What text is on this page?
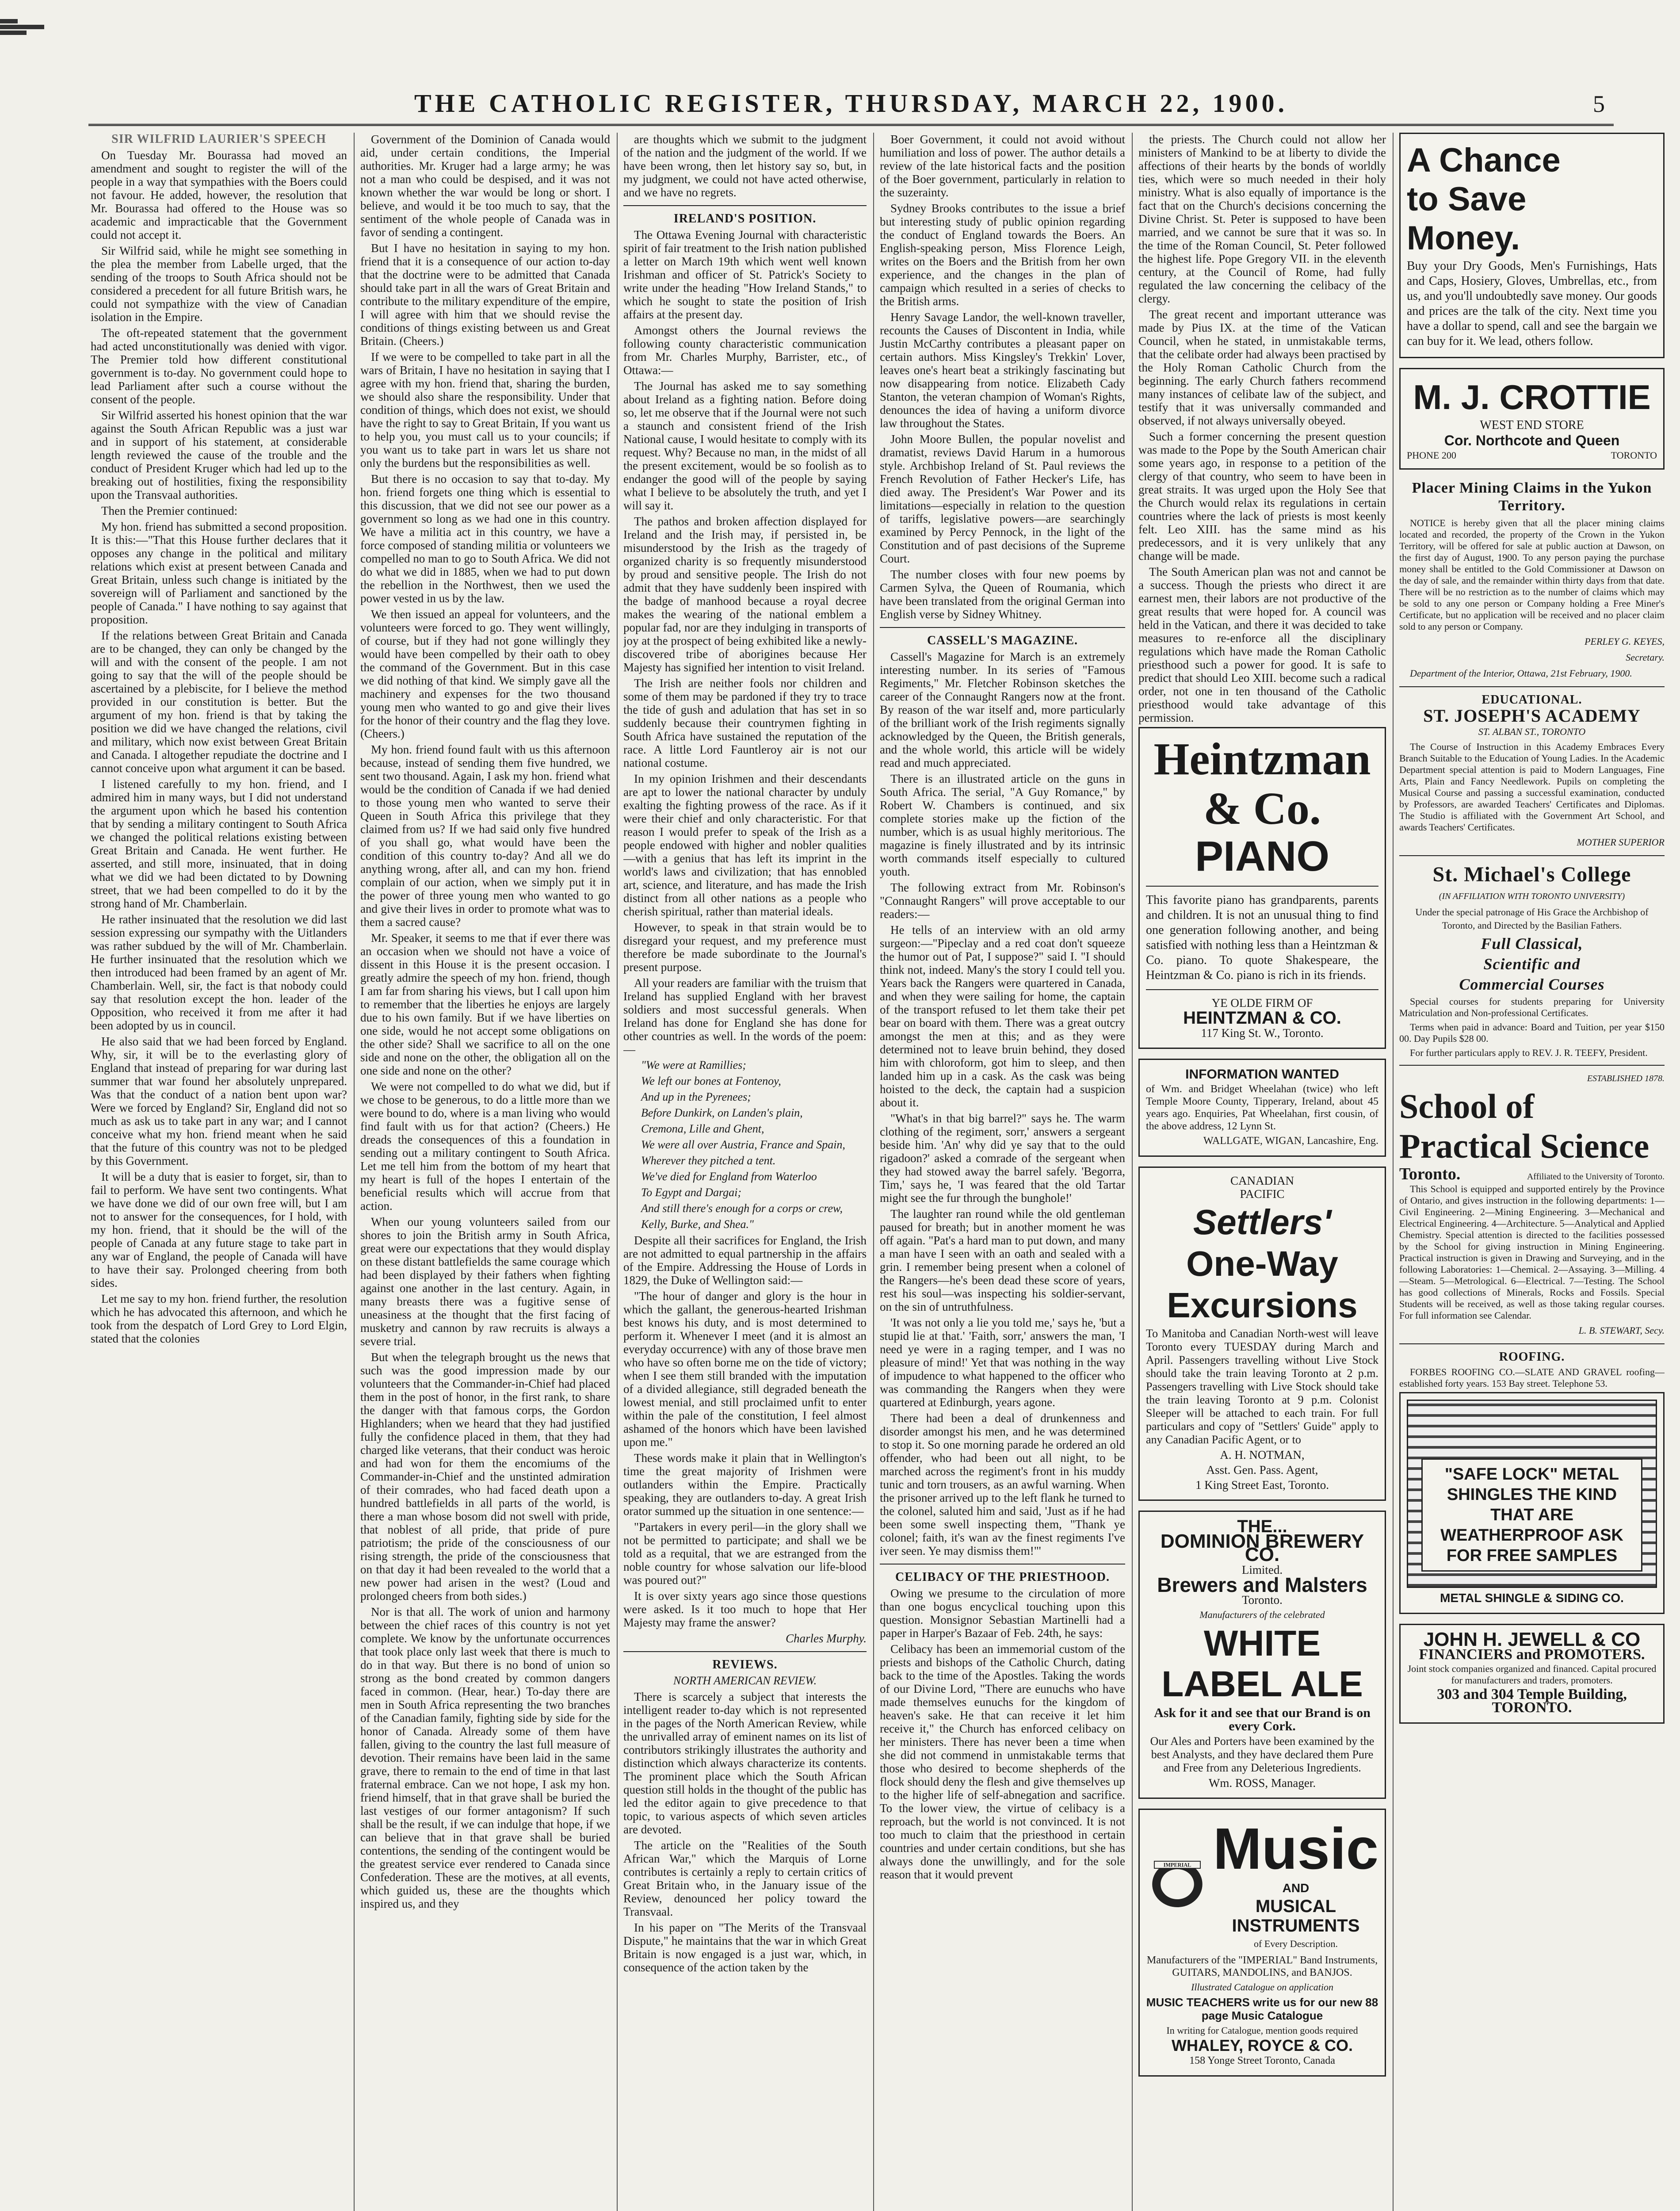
THE CATHOLIC REGISTER, THURSDAY, MARCH 22, 1900.	5

SIR WILFRID LAURIER'S SPEECH

On Tuesday Mr. Bourassa had moved an amendment and sought to register the will of the people in a way that sympathies with the Boers could not favour. He added, however, the resolution that Mr. Bourassa had offered to the House was so academic and impracticable that the Government could not accept it.

Sir Wilfrid said, while he might see something in the plea the member from Labelle urged, that the sending of the troops to South Africa should not be considered a precedent for all future British wars, he could not sympathize with the view of Canadian isolation in the Empire.

The oft-repeated statement that the government had acted unconstitutionally was denied with vigor. The Premier told how different constitutional government is to-day. No government could hope to lead Parliament after such a course without the consent of the people.

Sir Wilfrid asserted his honest opinion that the war against the South African Republic was a just war and in support of his statement, at considerable length reviewed the cause of the trouble and the conduct of President Kruger which had led up to the breaking out of hostilities, fixing the responsibility upon the Transvaal authorities.

Then the Premier continued:

My hon. friend has submitted a second proposition. It is this:—"That this House further declares that it opposes any change in the political and military relations which exist at present between Canada and Great Britain, unless such change is initiated by the sovereign will of Parliament and sanctioned by the people of Canada." I have nothing to say against that proposition.

If the relations between Great Britain and Canada are to be changed, they can only be changed by the will and with the consent of the people. I am not going to say that the will of the people should be ascertained by a plebiscite, for I believe the method provided in our constitution is better. But the argument of my hon. friend is that by taking the position we did we have changed the relations, civil and military, which now exist between Great Britain and Canada. I altogether repudiate the doctrine and I cannot conceive upon what argument it can be based.

I listened carefully to my hon. friend, and I admired him in many ways, but I did not understand the argument upon which he based his contention that by sending a military contingent to South Africa we changed the political relations existing between Great Britain and Canada. He went further. He asserted, and still more, insinuated, that in doing what we did we had been dictated to by Downing street, that we had been compelled to do it by the strong hand of Mr. Chamberlain.

He rather insinuated that the resolution we did last session expressing our sympathy with the Uitlanders was rather subdued by the will of Mr. Chamberlain. He further insinuated that the resolution which we then introduced had been framed by an agent of Mr. Chamberlain. Well, sir, the fact is that nobody could say that resolution except the hon. leader of the Opposition, who received it from me after it had been adopted by us in council.

He also said that we had been forced by England. Why, sir, it will be to the everlasting glory of England that instead of preparing for war during last summer that war found her absolutely unprepared. Was that the conduct of a nation bent upon war? Were we forced by England? Sir, England did not so much as ask us to take part in any war; and I cannot conceive what my hon. friend meant when he said that the future of this country was not to be pledged by this Government.

It will be a duty that is easier to forget, sir, than to fail to perform. We have sent two contingents. What we have done we did of our own free will, but I am not to answer for the consequences, for I hold, with my hon. friend, that it should be the will of the people of Canada at any future stage to take part in any war of England, the people of Canada will have to have their say. Prolonged cheering from both sides.

Let me say to my hon. friend further, the resolution which he has advocated this afternoon, and which he took from the despatch of Lord Grey to Lord Elgin, stated that the colonies

Government of the Dominion of Canada would aid, under certain conditions, the Imperial authorities. Mr. Kruger had a large army; he was not a man who could be despised, and it was not known whether the war would be long or short. I believe, and would it be too much to say, that the sentiment of the whole people of Canada was in favor of sending a contingent.

But I have no hesitation in saying to my hon. friend that it is a consequence of our action to-day that the doctrine were to be admitted that Canada should take part in all the wars of Great Britain and contribute to the military expenditure of the empire, I will agree with him that we should revise the conditions of things existing between us and Great Britain. (Cheers.)

If we were to be compelled to take part in all the wars of Britain, I have no hesitation in saying that I agree with my hon. friend that, sharing the burden, we should also share the responsibility. Under that condition of things, which does not exist, we should have the right to say to Great Britain, If you want us to help you, you must call us to your councils; if you want us to take part in wars let us share not only the burdens but the responsibilities as well.

But there is no occasion to say that to-day. My hon. friend forgets one thing which is essential to this discussion, that we did not see our power as a government so long as we had one in this country. We have a militia act in this country, we have a force composed of standing militia or volunteers we compelled no man to go to South Africa. We did not do what we did in 1885, when we had to put down the rebellion in the Northwest, then we used the power vested in us by the law.

We then issued an appeal for volunteers, and the volunteers were forced to go. They went willingly, of course, but if they had not gone willingly they would have been compelled by their oath to obey the command of the Government. But in this case we did nothing of that kind. We simply gave all the machinery and expenses for the two thousand young men who wanted to go and give their lives for the honor of their country and the flag they love. (Cheers.)

My hon. friend found fault with us this afternoon because, instead of sending them five hundred, we sent two thousand. Again, I ask my hon. friend what would be the condition of Canada if we had denied to those young men who wanted to serve their Queen in South Africa this privilege that they claimed from us? If we had said only five hundred of you shall go, what would have been the condition of this country to-day? And all we do anything wrong, after all, and can my hon. friend complain of our action, when we simply put it in the power of three young men who wanted to go and give their lives in order to promote what was to them a sacred cause?

Mr. Speaker, it seems to me that if ever there was an occasion when we should not have a voice of dissent in this House it is the present occasion. I greatly admire the speech of my hon. friend, though I am far from sharing his views, but I call upon him to remember that the liberties he enjoys are largely due to his own family. But if we have liberties on one side, would he not accept some obligations on the other side? Shall we sacrifice to all on the one side and none on the other, the obligation all on the one side and none on the other?

We were not compelled to do what we did, but if we chose to be generous, to do a little more than we were bound to do, where is a man living who would find fault with us for that action? (Cheers.) He dreads the consequences of this a foundation in sending out a military contingent to South Africa. Let me tell him from the bottom of my heart that my heart is full of the hopes I entertain of the beneficial results which will accrue from that action.

When our young volunteers sailed from our shores to join the British army in South Africa, great were our expectations that they would display on these distant battlefields the same courage which had been displayed by their fathers when fighting against one another in the last century. Again, in many breasts there was a fugitive sense of uneasiness at the thought that the first facing of musketry and cannon by raw recruits is always a severe trial.

But when the telegraph brought us the news that such was the good impression made by our volunteers that the Commander-in-Chief had placed them in the post of honor, in the first rank, to share the danger with that famous corps, the Gordon Highlanders; when we heard that they had justified fully the confidence placed in them, that they had charged like veterans, that their conduct was heroic and had won for them the encomiums of the Commander-in-Chief and the unstinted admiration of their comrades, who had faced death upon a hundred battlefields in all parts of the world, is there a man whose bosom did not swell with pride, that noblest of all pride, that pride of pure patriotism; the pride of the consciousness of our rising strength, the pride of the consciousness that on that day it had been revealed to the world that a new power had arisen in the west? (Loud and prolonged cheers from both sides.)

Nor is that all. The work of union and harmony between the chief races of this country is not yet complete. We know by the unfortunate occurrences that took place only last week that there is much to do in that way. But there is no bond of union so strong as the bond created by common dangers faced in common. (Hear, hear.) To-day there are men in South Africa representing the two branches of the Canadian family, fighting side by side for the honor of Canada. Already some of them have fallen, giving to the country the last full measure of devotion. Their remains have been laid in the same grave, there to remain to the end of time in that last fraternal embrace. Can we not hope, I ask my hon. friend himself, that in that grave shall be buried the last vestiges of our former antagonism? If such shall be the result, if we can indulge that hope, if we can believe that in that grave shall be buried contentions, the sending of the contingent would be the greatest service ever rendered to Canada since Confederation. These are the motives, at all events, which guided us, these are the thoughts which inspired us, and they

are thoughts which we submit to the judgment of the nation and the judgment of the world. If we have been wrong, then let history say so, but, in my judgment, we could not have acted otherwise, and we have no regrets.

IRELAND'S POSITION.

The Ottawa Evening Journal with characteristic spirit of fair treatment to the Irish nation published a letter on March 19th which went well known Irishman and officer of St. Patrick's Society to write under the heading "How Ireland Stands," to which he sought to state the position of Irish affairs at the present day.

Amongst others the Journal reviews the following county characteristic communication from Mr. Charles Murphy, Barrister, etc., of Ottawa:—

The Journal has asked me to say something about Ireland as a fighting nation. Before doing so, let me observe that if the Journal were not such a staunch and consistent friend of the Irish National cause, I would hesitate to comply with its request. Why? Because no man, in the midst of all the present excitement, would be so foolish as to endanger the good will of the people by saying what I believe to be absolutely the truth, and yet I will say it.

The pathos and broken affection displayed for Ireland and the Irish may, if persisted in, be misunderstood by the Irish as the tragedy of organized charity is so frequently misunderstood by proud and sensitive people. The Irish do not admit that they have suddenly been inspired with the badge of manhood because a royal decree makes the wearing of the national emblem a popular fad, nor are they indulging in transports of joy at the prospect of being exhibited like a newly-discovered tribe of aborigines because Her Majesty has signified her intention to visit Ireland.

The Irish are neither fools nor children and some of them may be pardoned if they try to trace the tide of gush and adulation that has set in so suddenly because their countrymen fighting in South Africa have sustained the reputation of the race. A little Lord Fauntleroy air is not our national costume.

In my opinion Irishmen and their descendants are apt to lower the national character by unduly exalting the fighting prowess of the race. As if it were their chief and only characteristic. For that reason I would prefer to speak of the Irish as a people endowed with higher and nobler qualities—with a genius that has left its imprint in the world's laws and civilization; that has ennobled art, science, and literature, and has made the Irish distinct from all other nations as a people who cherish spiritual, rather than material ideals.

However, to speak in that strain would be to disregard your request, and my preference must therefore be made subordinate to the Journal's present purpose.

All your readers are familiar with the truism that Ireland has supplied England with her bravest soldiers and most successful generals. When Ireland has done for England she has done for other countries as well. In the words of the poem:—

"We were at Ramillies;

We left our bones at Fontenoy,

And up in the Pyrenees;

Before Dunkirk, on Landen's plain,

Cremona, Lille and Ghent,

We were all over Austria, France and Spain,

Wherever they pitched a tent.

We've died for England from Waterloo

To Egypt and Dargai;

And still there's enough for a corps or crew,

Kelly, Burke, and Shea."

Despite all their sacrifices for England, the Irish are not admitted to equal partnership in the affairs of the Empire. Addressing the House of Lords in 1829, the Duke of Wellington said:—

"The hour of danger and glory is the hour in which the gallant, the generous-hearted Irishman best knows his duty, and is most determined to perform it. Whenever I meet (and it is almost an everyday occurrence) with any of those brave men who have so often borne me on the tide of victory; when I see them still branded with the imputation of a divided allegiance, still degraded beneath the lowest menial, and still proclaimed unfit to enter within the pale of the constitution, I feel almost ashamed of the honors which have been lavished upon me."

These words make it plain that in Wellington's time the great majority of Irishmen were outlanders within the Empire. Practically speaking, they are outlanders to-day. A great Irish orator summed up the situation in one sentence:—

"Partakers in every peril—in the glory shall we not be permitted to participate; and shall we be told as a requital, that we are estranged from the noble country for whose salvation our life-blood was poured out?"

It is over sixty years ago since those questions were asked. Is it too much to hope that Her Majesty may frame the answer?

Charles Murphy.

REVIEWS.

NORTH AMERICAN REVIEW.

There is scarcely a subject that interests the intelligent reader to-day which is not represented in the pages of the North American Review, while the unrivalled array of eminent names on its list of contributors strikingly illustrates the authority and distinction which always characterize its contents. The prominent place which the South African question still holds in the thought of the public has led the editor again to give precedence to that topic, to various aspects of which seven articles are devoted.

The article on the "Realities of the South African War," which the Marquis of Lorne contributes is certainly a reply to certain critics of Great Britain who, in the January issue of the Review, denounced her policy toward the Transvaal.

In his paper on "The Merits of the Transvaal Dispute," he maintains that the war in which Great Britain is now engaged is a just war, which, in consequence of the action taken by the

Boer Government, it could not avoid without humiliation and loss of power. The author details a review of the late historical facts and the position of the Boer government, particularly in relation to the suzerainty.

Sydney Brooks contributes to the issue a brief but interesting study of public opinion regarding the conduct of England towards the Boers. An English-speaking person, Miss Florence Leigh, writes on the Boers and the British from her own experience, and the changes in the plan of campaign which resulted in a series of checks to the British arms.

Henry Savage Landor, the well-known traveller, recounts the Causes of Discontent in India, while Justin McCarthy contributes a pleasant paper on certain authors. Miss Kingsley's Trekkin' Lover, leaves one's heart beat a strikingly fascinating but now disappearing from notice. Elizabeth Cady Stanton, the veteran champion of Woman's Rights, denounces the idea of having a uniform divorce law throughout the States.

John Moore Bullen, the popular novelist and dramatist, reviews David Harum in a humorous style. Archbishop Ireland of St. Paul reviews the French Revolution of Father Hecker's Life, has died away. The President's War Power and its limitations—especially in relation to the question of tariffs, legislative powers—are searchingly examined by Percy Pennock, in the light of the Constitution and of past decisions of the Supreme Court.

The number closes with four new poems by Carmen Sylva, the Queen of Roumania, which have been translated from the original German into English verse by Sidney Whitney.

CASSELL'S MAGAZINE.

Cassell's Magazine for March is an extremely interesting number. In its series of "Famous Regiments," Mr. Fletcher Robinson sketches the career of the Connaught Rangers now at the front. By reason of the war itself and, more particularly of the brilliant work of the Irish regiments signally acknowledged by the Queen, the British generals, and the whole world, this article will be widely read and much appreciated.

There is an illustrated article on the guns in South Africa. The serial, "A Guy Romance," by Robert W. Chambers is continued, and six complete stories make up the fiction of the number, which is as usual highly meritorious. The magazine is finely illustrated and by its intrinsic worth commands itself especially to cultured youth.

The following extract from Mr. Robinson's "Connaught Rangers" will prove acceptable to our readers:—

He tells of an interview with an old army surgeon:—"Pipeclay and a red coat don't squeeze the humor out of Pat, I suppose?" said I. "I should think not, indeed. Many's the story I could tell you. Years back the Rangers were quartered in Canada, and when they were sailing for home, the captain of the transport refused to let them take their pet bear on board with them. There was a great outcry amongst the men at this; and as they were determined not to leave bruin behind, they dosed him with chloroform, got him to sleep, and then landed him up in a cask. As the cask was being hoisted to the deck, the captain had a suspicion about it.

"What's in that big barrel?" says he. The warm clothing of the regiment, sorr,' answers a sergeant beside him. 'An' why did ye say that to the ould rigadoon?' asked a comrade of the sergeant when they had stowed away the barrel safely. 'Begorra, Tim,' says he, 'I was feared that the old Tartar might see the fur through the bunghole!'

The laughter ran round while the old gentleman paused for breath; but in another moment he was off again. "Pat's a hard man to put down, and many a man have I seen with an oath and sealed with a grin. I remember being present when a colonel of the Rangers—he's been dead these score of years, rest his soul—was inspecting his soldier-servant, on the sin of untruthfulness.

'It was not only a lie you told me,' says he, 'but a stupid lie at that.' 'Faith, sorr,' answers the man, 'I need ye were in a raging temper, and I was no pleasure of mind!' Yet that was nothing in the way of impudence to what happened to the officer who was commanding the Rangers when they were quartered at Edinburgh, years agone.

There had been a deal of drunkenness and disorder amongst his men, and he was determined to stop it. So one morning parade he ordered an old offender, who had been out all night, to be marched across the regiment's front in his muddy tunic and torn trousers, as an awful warning. When the prisoner arrived up to the left flank he turned to the colonel, saluted him and said, 'Just as if he had been some swell inspecting them, "Thank ye colonel; faith, it's wan av the finest regiments I've iver seen. Ye may dismiss them!"'

CELIBACY OF THE PRIESTHOOD.

Owing we presume to the circulation of more than one bogus encyclical touching upon this question. Monsignor Sebastian Martinelli had a paper in Harper's Bazaar of Feb. 24th, he says:

Celibacy has been an immemorial custom of the priests and bishops of the Catholic Church, dating back to the time of the Apostles. Taking the words of our Divine Lord, "There are eunuchs who have made themselves eunuchs for the kingdom of heaven's sake. He that can receive it let him receive it," the Church has enforced celibacy on her ministers. There has never been a time when she did not commend in unmistakable terms that those who desired to become shepherds of the flock should deny the flesh and give themselves up to the higher life of self-abnegation and sacrifice. To the lower view, the virtue of celibacy is a reproach, but the world is not convinced. It is not too much to claim that the priesthood in certain countries and under certain conditions, but she has always done the unwillingly, and for the sole reason that it would prevent

the priests. The Church could not allow her ministers of Mankind to be at liberty to divide the affections of their hearts by the bonds of worldly ties, which were so much needed in their holy ministry. What is also equally of importance is the fact that on the Church's decisions concerning the Divine Christ. St. Peter is supposed to have been married, and we cannot be sure that it was so. In the time of the Roman Council, St. Peter followed the highest life. Pope Gregory VII. in the eleventh century, at the Council of Rome, had fully regulated the law concerning the celibacy of the clergy.

The great recent and important utterance was made by Pius IX. at the time of the Vatican Council, when he stated, in unmistakable terms, that the celibate order had always been practised by the Holy Roman Catholic Church from the beginning. The early Church fathers recommend many instances of celibate law of the subject, and testify that it was universally commanded and observed, if not always universally obeyed.

Such a former concerning the present question was made to the Pope by the South American chair some years ago, in response to a petition of the clergy of that country, who seem to have been in great straits. It was urged upon the Holy See that the Church would relax its regulations in certain countries where the lack of priests is most keenly felt. Leo XIII. has the same mind as his predecessors, and it is very unlikely that any change will be made.

The South American plan was not and cannot be a success. Though the priests who direct it are earnest men, their labors are not productive of the great results that were hoped for. A council was held in the Vatican, and there it was decided to take measures to re-enforce all the disciplinary regulations which have made the Roman Catholic priesthood such a power for good. It is safe to predict that should Leo XIII. become such a radical order, not one in ten thousand of the Catholic priesthood would take advantage of this permission.

Heintzman & Co.
PIANO

This favorite piano has grandparents, parents and children. It is not an unusual thing to find one generation following another, and being satisfied with nothing less than a Heintzman & Co. piano. To quote Shakespeare, the Heintzman & Co. piano is rich in its friends.

YE OLDE FIRM OF

HEINTZMAN & CO.

117 King St. W., Toronto.

INFORMATION WANTED

of Wm. and Bridget Wheelahan (twice) who left Temple Moore County, Tipperary, Ireland, about 45 years ago. Enquiries, Pat Wheelahan, first cousin, of the above address, 12 Lynn St.

WALLGATE, WIGAN, Lancashire, Eng.

CANADIAN
PACIFIC

Settlers'

One-Way

Excursions

To Manitoba and Canadian North-west will leave Toronto every TUESDAY during March and April. Passengers travelling without Live Stock should take the train leaving Toronto at 2 p.m. Passengers travelling with Live Stock should take the train leaving Toronto at 9 p.m. Colonist Sleeper will be attached to each train. For full particulars and copy of "Settlers' Guide" apply to any Canadian Pacific Agent, or to

A. H. NOTMAN,

Asst. Gen. Pass. Agent,

1 King Street East, Toronto.

THE...

DOMINION BREWERY CO.

Limited.

Brewers and Malsters

Toronto.

Manufacturers of the celebrated

WHITE LABEL ALE

Ask for it and see that our Brand is on every Cork.

Our Ales and Porters have been examined by the best Analysts, and they have declared them Pure and Free from any Deleterious Ingredients.

Wm. ROSS, Manager.

IMPERIAL Music

AND

MUSICAL INSTRUMENTS

of Every Description.

Manufacturers of the "IMPERIAL" Band Instruments, GUITARS, MANDOLINS, and BANJOS.

Illustrated Catalogue on application

MUSIC TEACHERS write us for our new 88 page Music Catalogue

In writing for Catalogue, mention goods required

WHALEY, ROYCE & CO.

158 Yonge Street Toronto, Canada

A Chance

to Save

Money.

Buy your Dry Goods, Men's Furnishings, Hats and Caps, Hosiery, Gloves, Umbrellas, etc., from us, and you'll undoubtedly save money. Our goods and prices are the talk of the city. Next time you have a dollar to spend, call and see the bargain we can buy for it. We lead, others follow.

M. J. CROTTIE

WEST END STORE

Cor. Northcote and Queen

PHONE 200	TORONTO

Placer Mining Claims in the Yukon Territory.

NOTICE is hereby given that all the placer mining claims located and recorded, the property of the Crown in the Yukon Territory, will be offered for sale at public auction at Dawson, on the first day of August, 1900. To any person paying the purchase money shall be entitled to the Gold Commissioner at Dawson on the day of sale, and the remainder within thirty days from that date. There will be no restriction as to the number of claims which may be sold to any one person or Company holding a Free Miner's Certificate, but no application will be received and no placer claim sold to any person or Company.

PERLEY G. KEYES,

Secretary.

Department of the Interior, Ottawa, 21st February, 1900.

EDUCATIONAL.

ST. JOSEPH'S ACADEMY

ST. ALBAN ST., TORONTO

The Course of Instruction in this Academy Embraces Every Branch Suitable to the Education of Young Ladies. In the Academic Department special attention is paid to Modern Languages, Fine Arts, Plain and Fancy Needlework. Pupils on completing the Musical Course and passing a successful examination, conducted by Professors, are awarded Teachers' Certificates and Diplomas. The Studio is affiliated with the Government Art School, and awards Teachers' Certificates.

MOTHER SUPERIOR

St. Michael's College

(IN AFFILIATION WITH TORONTO UNIVERSITY)

Under the special patronage of His Grace the Archbishop of Toronto, and Directed by the Basilian Fathers.

Full Classical,

Scientific and

Commercial Courses

Special courses for students preparing for University Matriculation and Non-professional Certificates.

Terms when paid in advance: Board and Tuition, per year $150 00. Day Pupils $28 00.

For further particulars apply to REV. J. R. TEEFY, President.

ESTABLISHED 1878.

School of

Practical Science

Toronto.	Affiliated to the University of Toronto.

This School is equipped and supported entirely by the Province of Ontario, and gives instruction in the following departments: 1—Civil Engineering. 2—Mining Engineering. 3—Mechanical and Electrical Engineering. 4—Architecture. 5—Analytical and Applied Chemistry. Special attention is directed to the facilities possessed by the School for giving instruction in Mining Engineering. Practical instruction is given in Drawing and Surveying, and in the following Laboratories: 1—Chemical. 2—Assaying. 3—Milling. 4—Steam. 5—Metrological. 6—Electrical. 7—Testing. The School has good collections of Minerals, Rocks and Fossils. Special Students will be received, as well as those taking regular courses. For full information see Calendar.

L. B. STEWART, Secy.

ROOFING.

FORBES ROOFING CO.—SLATE AND GRAVEL roofing—established forty years. 153 Bay street. Telephone 53.

"SAFE LOCK" METAL SHINGLES THE KIND THAT ARE WEATHERPROOF ASK FOR FREE SAMPLES

METAL SHINGLE & SIDING CO.

JOHN H. JEWELL & CO

FINANCIERS and PROMOTERS.

Joint stock companies organized and financed. Capital procured for manufacturers and traders, promoters.

303 and 304 Temple Building, TORONTO.
